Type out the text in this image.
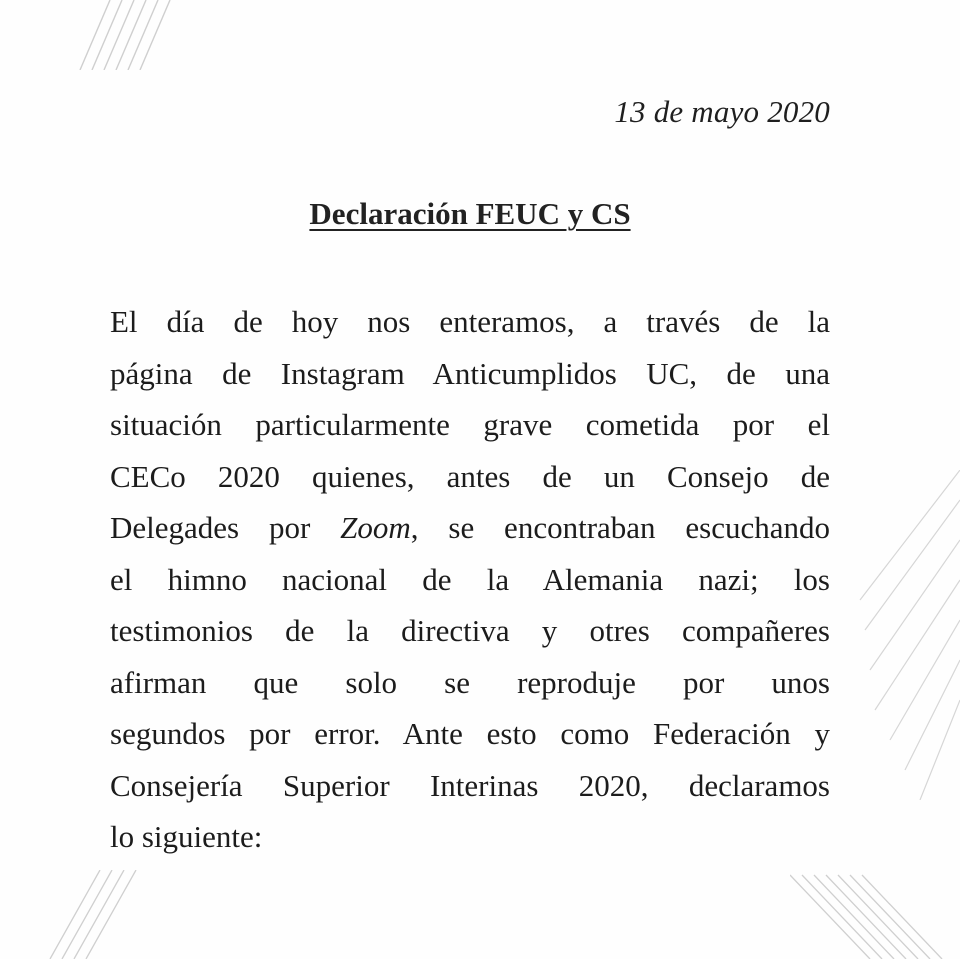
13 de mayo 2020
Declaración FEUC y CS
El día de hoy nos enteramos, a través de la
página de Instagram Anticumplidos UC, de una
situación particularmente grave cometida por el
CECo 2020 quienes, antes de un Consejo de
Delegades por Zoom, se encontraban escuchando
el himno nacional de la Alemania nazi; los
testimonios de la directiva y otres compañeres
afirman que solo se reproduje por unos
segundos por error. Ante esto como Federación y
Consejería Superior Interinas 2020, declaramos
lo siguiente:
